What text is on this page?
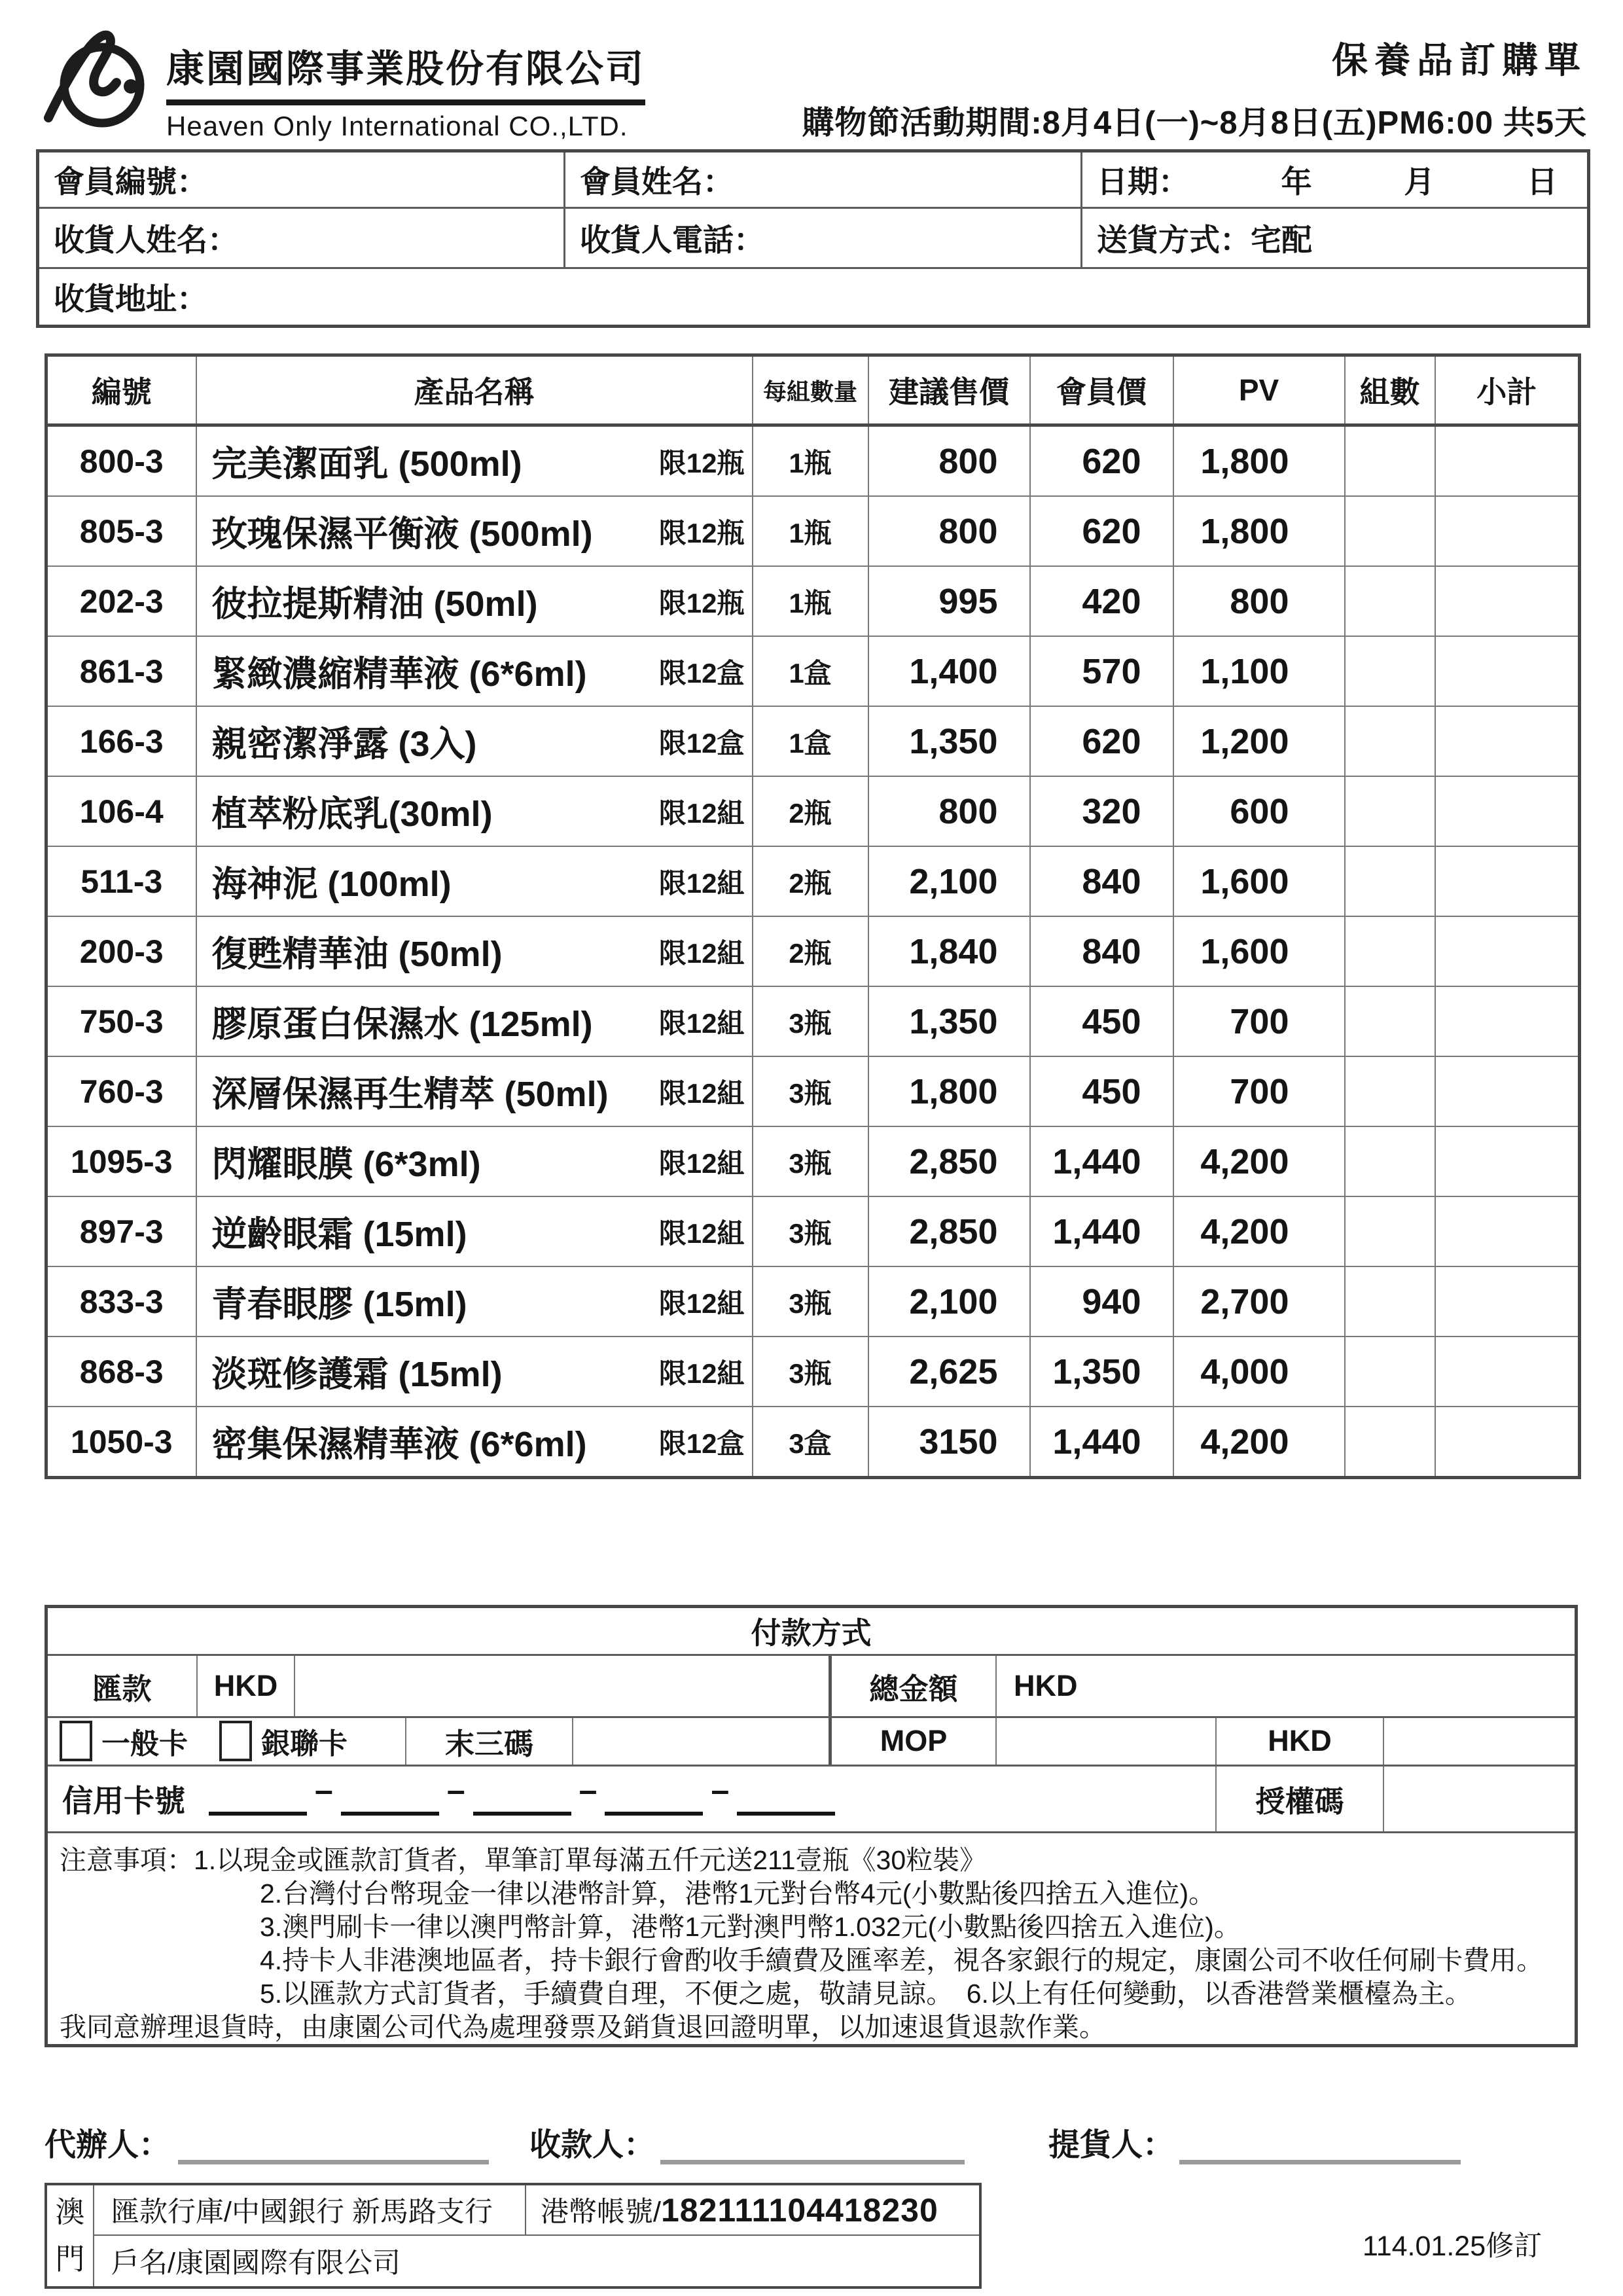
康園國際事業股份有限公司
Heaven Only International CO.,LTD.
保養品訂購單
購物節活動期間:8月4日(一)~8月8日(五)PM6:00 共5天
會員編號：	會員姓名：	日期： 年 月 日

收貨人姓名：	收貨人電話：	送貨方式：宅配

收貨地址：		
編號	產品名稱	每組數量	建議售價	會員價	PV	組數	小計
800-3	完美潔面乳 (500ml) 限12瓶	1瓶	800	620	1,800		
805-3	玫瑰保濕平衡液 (500ml) 限12瓶	1瓶	800	620	1,800		
202-3	彼拉提斯精油 (50ml) 限12瓶	1瓶	995	420	800		
861-3	緊緻濃縮精華液 (6*6ml) 限12盒	1盒	1,400	570	1,100		
166-3	親密潔淨露 (3入) 限12盒	1盒	1,350	620	1,200		
106-4	植萃粉底乳(30ml) 限12組	2瓶	800	320	600		
511-3	海神泥 (100ml) 限12組	2瓶	2,100	840	1,600		
200-3	復甦精華油 (50ml) 限12組	2瓶	1,840	840	1,600		
750-3	膠原蛋白保濕水 (125ml) 限12組	3瓶	1,350	450	700		
760-3	深層保濕再生精萃 (50ml) 限12組	3瓶	1,800	450	700		
1095-3	閃耀眼膜 (6*3ml) 限12組	3瓶	2,850	1,440	4,200		
897-3	逆齡眼霜 (15ml) 限12組	3瓶	2,850	1,440	4,200		
833-3	青春眼膠 (15ml) 限12組	3瓶	2,100	940	2,700		
868-3	淡斑修護霜 (15ml) 限12組	3瓶	2,625	1,350	4,000		
1050-3	密集保濕精華液 (6*6ml) 限12盒	3盒	3150	1,440	4,200		
付款方式
匯款	HKD	總金額	HKD
一般卡	銀聯卡	末三碼	MOP	HKD
信用卡號	–	–	–	–	授權碼
注意事項：1.以現金或匯款訂貨者，單筆訂單每滿五仟元送211壹瓶《30粒裝》
2.台灣付台幣現金一律以港幣計算，港幣1元對台幣4元(小數點後四捨五入進位)。
3.澳門刷卡一律以澳門幣計算，港幣1元對澳門幣1.032元(小數點後四捨五入進位)。
4.持卡人非港澳地區者，持卡銀行會酌收手續費及匯率差，視各家銀行的規定，康園公司不收任何刷卡費用。
5.以匯款方式訂貨者，手續費自理，不便之處，敬請見諒。　6.以上有任何變動，以香港營業櫃檯為主。
我同意辦理退貨時，由康園公司代為處理發票及銷貨退回證明單，以加速退貨退款作業。
代辦人：	收款人：	提貨人：
澳門
匯款行庫/中國銀行 新馬路支行	港幣帳號/ 182111104418230
戶名/康園國際有限公司
114.01.25修訂
